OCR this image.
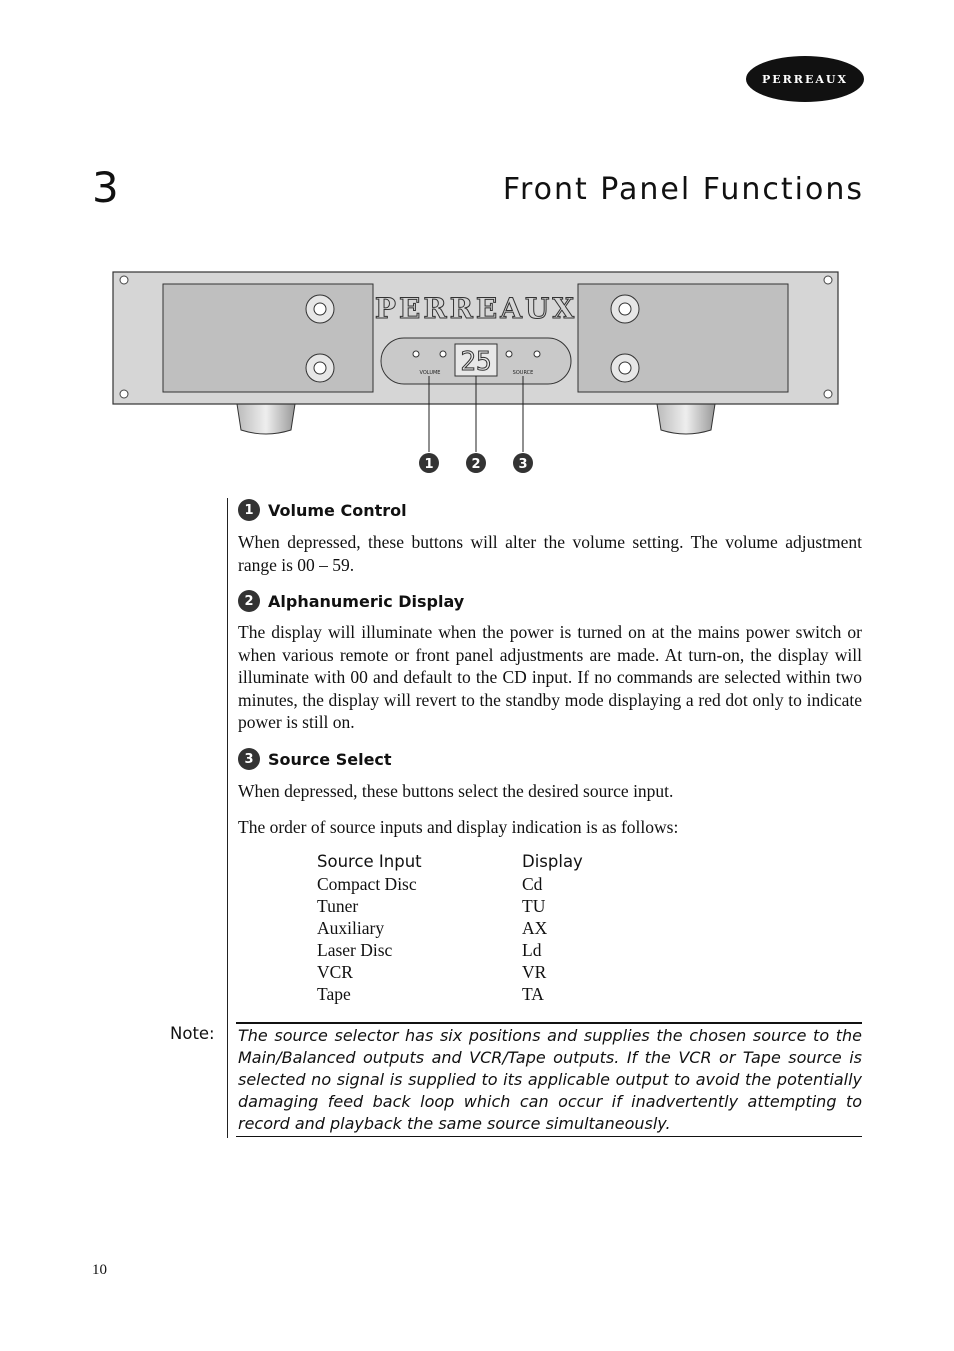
PERREAUX
3	Front Panel Functions
PERREAUX
VOLUME 25	SOURCE
1	2	3
1 Volume Control

When depressed, these buttons will alter the volume setting. The volume adjustment range is 00 – 59.

2 Alphanumeric Display

The display will illuminate when the power is turned on at the mains power switch or when various remote or front panel adjustments are made. At turn-on, the display will illuminate with 00 and default to the CD input. If no commands are selected within two minutes, the display will revert to the standby mode displaying a red dot only to indicate power is still on.

3 Source Select

When depressed, these buttons select the desired source input.

The order of source inputs and display indication is as follows:

Source Input	Display
Compact Disc	Cd
Tuner	TU
Auxiliary	AX
Laser Disc	Ld
VCR	VR
Tape	TA
Note: The source selector has six positions and supplies the chosen source to the Main/Balanced outputs and VCR/Tape outputs. If the VCR or Tape source is selected no signal is supplied to its applicable output to avoid the potentially damaging feed back loop which can occur if inadvertently attempting to record and playback the same source simultaneously.

10
